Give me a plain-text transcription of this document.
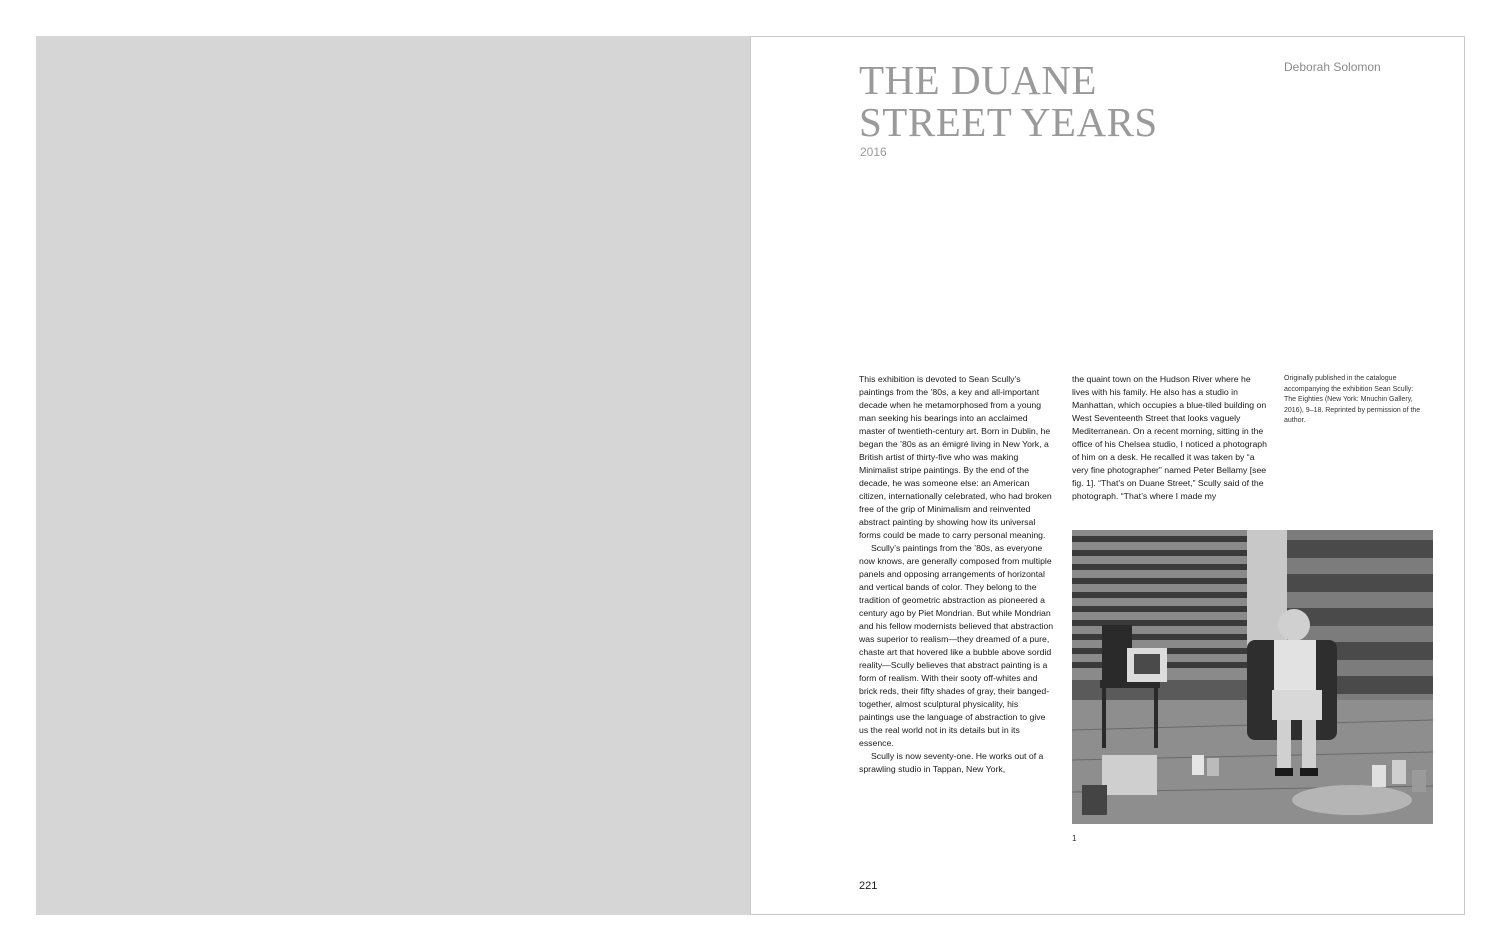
THE DUANE
STREET YEARS
2016
Deborah Solomon

This exhibition is devoted to Sean Scully’s paintings from the ’80s, a key and all-important decade when he metamorphosed from a young man seeking his bearings into an acclaimed master of twentieth-century art. Born in Dublin, he began the ’80s as an émigré living in New York, a British artist of thirty-five who was making Minimalist stripe paintings. By the end of the decade, he was someone else: an American citizen, internationally celebrated, who had broken free of the grip of Minimalism and reinvented abstract painting by showing how its universal forms could be made to carry personal meaning.

Scully’s paintings from the ’80s, as everyone now knows, are generally composed from multiple panels and opposing arrangements of horizontal and vertical bands of color. They belong to the tradition of geometric abstraction as pioneered a century ago by Piet Mondrian. But while Mondrian and his fellow modernists believed that abstraction was superior to realism—they dreamed of a pure, chaste art that hovered like a bubble above sordid reality—Scully believes that abstract painting is a form of realism. With their sooty off-whites and brick reds, their fifty shades of gray, their banged-together, almost sculptural physicality, his paintings use the language of abstraction to give us the real world not in its details but in its essence.

Scully is now seventy-one. He works out of a sprawling studio in Tappan, New York,

the quaint town on the Hudson River where he lives with his family. He also has a studio in Manhattan, which occupies a blue-tiled building on West Seventeenth Street that looks vaguely Mediterranean. On a recent morning, sitting in the office of his Chelsea studio, I noticed a photograph of him on a desk. He recalled it was taken by “a very fine photographer” named Peter Bellamy [see fig. 1]. “That’s on Duane Street,” Scully said of the photograph. “That’s where I made my

Originally published in the catalogue accompanying the exhibition Sean Scully: The Eighties (New York: Mnuchin Gallery, 2016), 9–18. Reprinted by permission of the author.
1
221
